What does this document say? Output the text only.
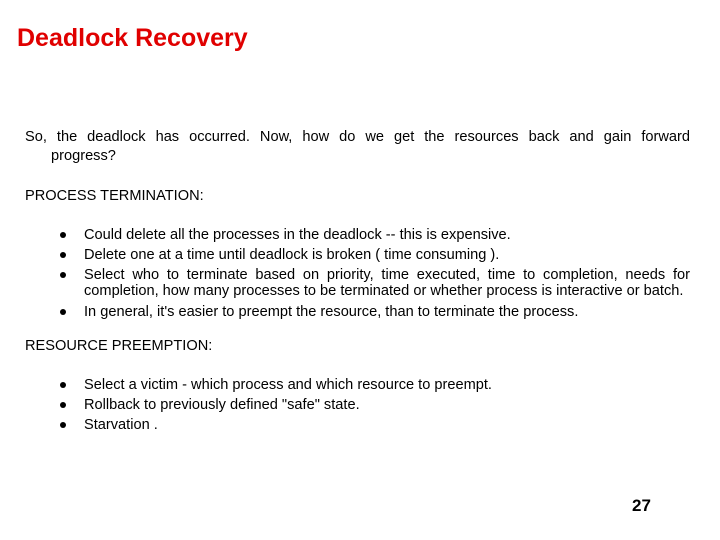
Deadlock Recovery
So, the deadlock has occurred. Now, how do we get the resources back and gain forward
progress?
PROCESS TERMINATION:
Could delete all the processes in the deadlock -- this is expensive.
Delete one at a time until deadlock is broken ( time consuming ).
Select who to terminate based on priority, time executed, time to completion, needs for completion, how many processes to be terminated or whether process is interactive or batch.
In general, it's easier to preempt the resource, than to terminate the process.
RESOURCE PREEMPTION:
Select a victim - which process and which resource to preempt.
Rollback to previously defined "safe" state.
Starvation .
27
